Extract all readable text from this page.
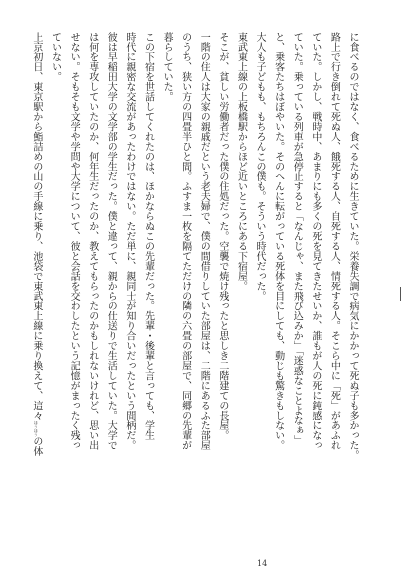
に食べるのではなく、食べるために生きていた。栄養失調で病気にかかって死ぬ子も多かった。
路上で行き倒れて死ぬ人、餓死する人、自死する人、情死する人。そこら中に「死」があふれ
ていた。しかし、戦時中、あまりにも多くの死を見てきたせいか、誰もが人の死に鈍感になっ
ていた。乗っている列車が急停止すると「なんじゃ、また飛び込みか」「迷惑なことよなぁ」
と、乗客たちはぼやいた。そのへんに転がっている死体を目にしても、動じも驚きもしない。
大人も子どもも、もちろんこの僕も。そういう時代だった。
東武東上線の上板橋駅からほど近いところにある下宿屋。
そこが、貧しい労働者だった僕の住処だった。空襲で焼け残ったと思しき二階建ての長屋。
一階の住人は大家の親戚だという老夫婦で、僕の間借りしていた部屋は、二階にあるふた部屋
のうち、狭い方の四畳半ひと間。ふすま一枚を隔てただけの隣の六畳の部屋で、同郷の先輩が
暮らしていた。
この下宿を世話してくれたのは、ほかならぬこの先輩だった。先輩・後輩と言っても、学生
時代に親密な交流があったわけではない。ただ単に、親同士が知り合いだったという間柄だ。
彼は早稲田大学の文学部の学生だった。僕と違って、親からの仕送りで生活していた。大学で
は何を専攻していたのか、何年生だったのか、教えてもらったのかもしれないけれど、思い出
せない。そもそも文学や学問や大学について、彼と会話を交わしたという記憶がまったく残っ
ていない。
上京初日、東京駅から鮨詰めの山の手線に乗り、池袋で東武東上線に乗り換えて、這々ほうほうの体
14
